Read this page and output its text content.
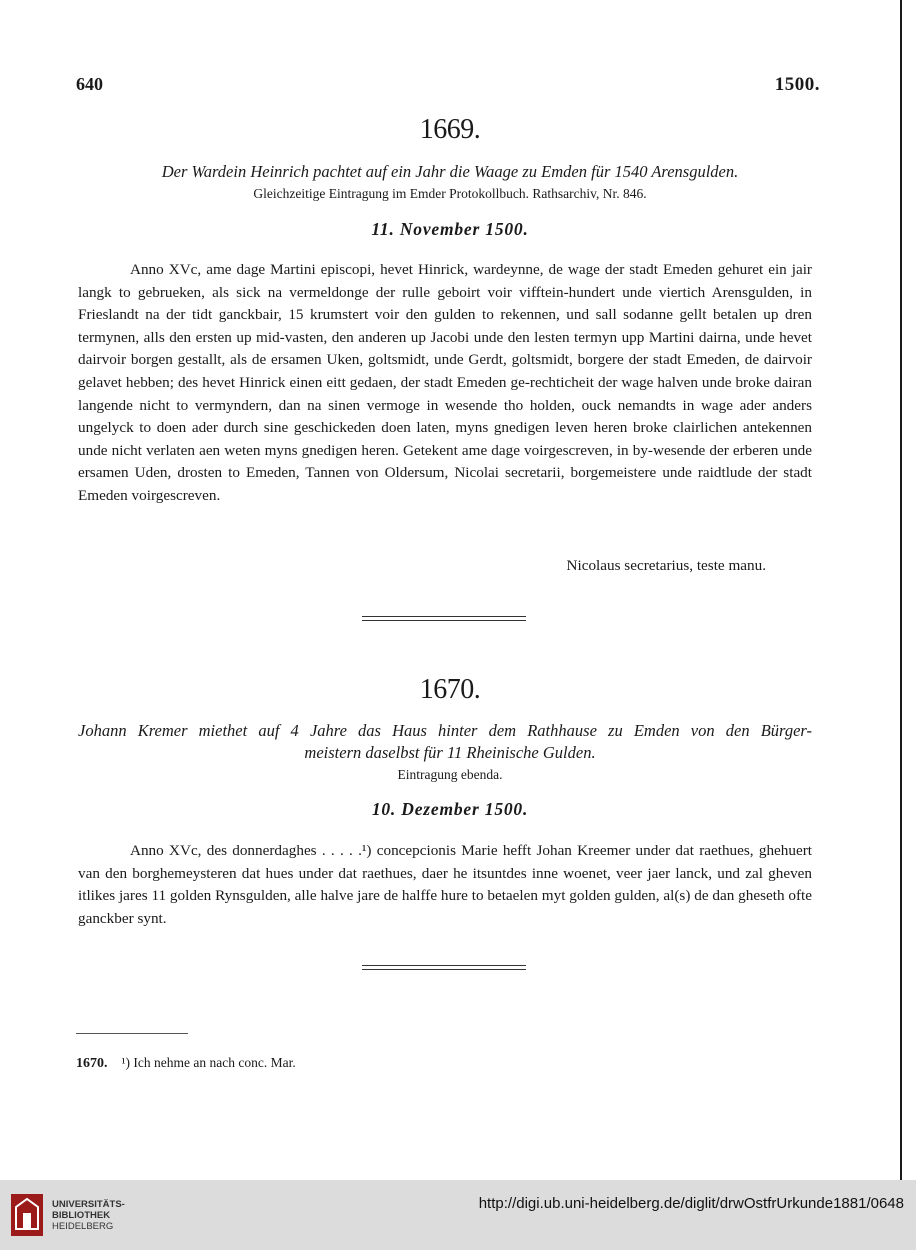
640	1500.
1669.
Der Wardein Heinrich pachtet auf ein Jahr die Waage zu Emden für 1540 Arensgulden.
Gleichzeitige Eintragung im Emder Protokollbuch. Rathsarchiv, Nr. 846.
11. November 1500.

Anno XVc, ame dage Martini episcopi, hevet Hinrick, wardeynne, de wage der stadt Emeden gehuret ein jair langk to gebrueken, als sick na vermeldonge der rulle geboirt voir vifftein-hundert unde viertich Arensgulden, in Frieslandt na der tidt ganckbair, 15 krumstert voir den gulden to rekennen, und sall sodanne gellt betalen up dren termynen, alls den ersten up mid-vasten, den anderen up Jacobi unde den lesten termyn upp Martini dairna, unde hevet dairvoir borgen gestallt, als de ersamen Uken, goltsmidt, unde Gerdt, goltsmidt, borgere der stadt Emeden, de dairvoir gelavet hebben; des hevet Hinrick einen eitt gedaen, der stadt Emeden ge-rechticheit der wage halven unde broke dairan langende nicht to vermyndern, dan na sinen vermoge in wesende tho holden, ouck nemandts in wage ader anders ungelyck to doen ader durch sine geschickeden doen laten, myns gnedigen leven heren broke clairlichen antekennen unde nicht verlaten aen weten myns gnedigen heren. Getekent ame dage voirgescreven, in by-wesende der erberen unde ersamen Uden, drosten to Emeden, Tannen von Oldersum, Nicolai secretarii, borgemeistere unde raidtlude der stadt Emeden voirgescreven.

Nicolaus secretarius, teste manu.
1670.
Johann Kremer miethet auf 4 Jahre das Haus hinter dem Rathhause zu Emden von den Bürger-
meistern daselbst für 11 Rheinische Gulden.
Eintragung ebenda.
10. Dezember 1500.

Anno XVc, des donnerdaghes . . . . .¹) concepcionis Marie hefft Johan Kreemer under dat raethues, ghehuert van den borghemeysteren dat hues under dat raethues, daer he itsuntdes inne woenet, veer jaer lanck, und zal gheven itlikes jares 11 golden Rynsgulden, alle halve jare de halffe hure to betaelen myt golden gulden, al(s) de dan gheseth ofte ganckber synt.

1670. ¹) Ich nehme an nach conc. Mar.
UNIVERSITÄTS-
BIBLIOTHEK
HEIDELBERG
http://digi.ub.uni-heidelberg.de/diglit/drwOstfrUrkunde1881/0648
